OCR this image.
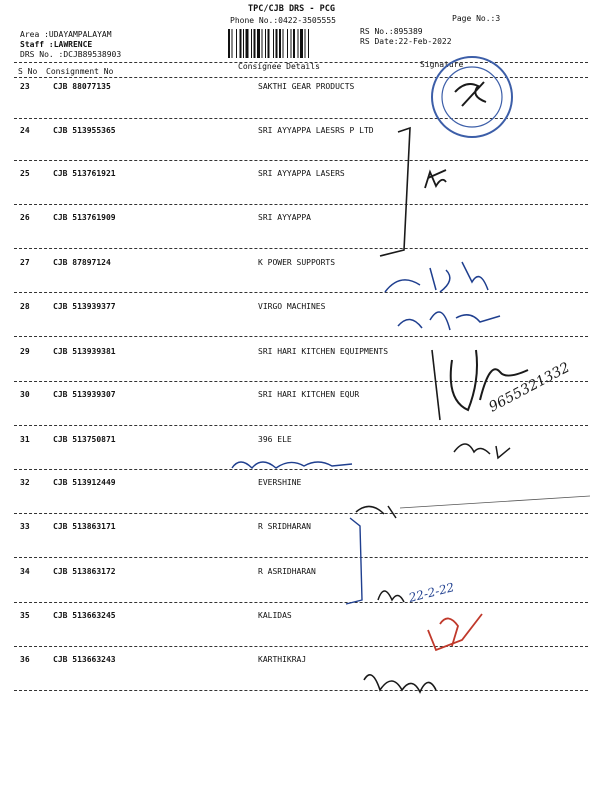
TPC/CJB DRS - PCG
Phone No.:0422-3505555	Page No.:3
RS No.:895389
RS Date:22-Feb-2022
Area :UDAYAMPALAYAM
Staff :LAWRENCE
DRS No. :DCJB89538903
S No Consignment No
Consignee Details	Signature
23	CJB 88077135	SAKTHI GEAR PRODUCTS
24	CJB 513955365	SRI AYYAPPA LAESRS P LTD
25	CJB 513761921	SRI AYYAPPA LASERS
26	CJB 513761909	SRI AYYAPPA
27	CJB 87897124	K POWER SUPPORTS
28	CJB 513939377	VIRGO MACHINES
29	CJB 513939381	SRI HARI KITCHEN EQUIPMENTS
30	CJB 513939307	SRI HARI KITCHEN EQUR
31	CJB 513750871	396 ELE
32	CJB 513912449	EVERSHINE
33	CJB 513863171	R SRIDHARAN
34	CJB 513863172	R ASRIDHARAN
35	CJB 513663245	KALIDAS
36	CJB 513663243	KARTHIKRAJ
9655321332
22-2-22
